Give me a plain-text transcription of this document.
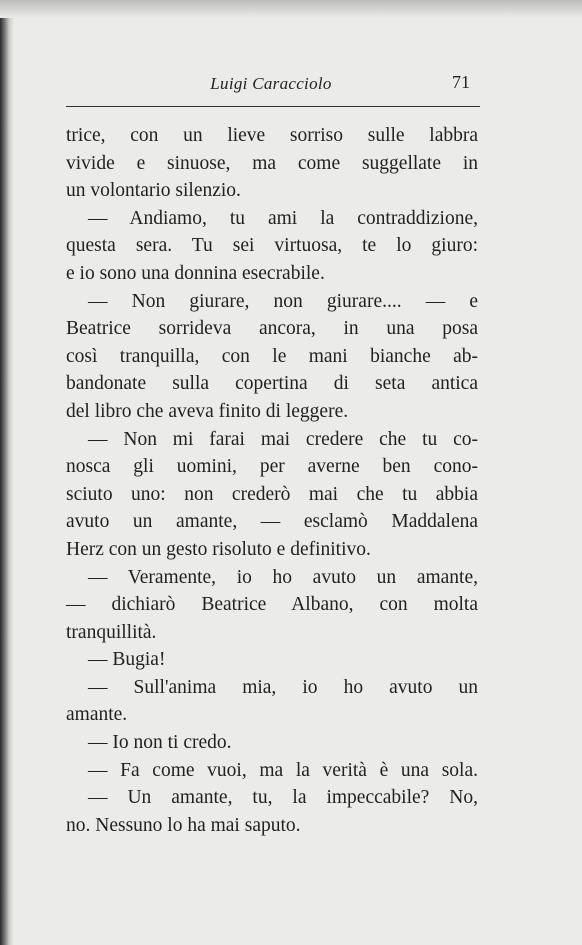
Luigi Caracciolo	71
trice, con un lieve sorriso sulle labbra
vivide e sinuose, ma come suggellate in
un volontario silenzio.
— Andiamo, tu ami la contraddizione,
questa sera. Tu sei virtuosa, te lo giuro:
e io sono una donnina esecrabile.
— Non giurare, non giurare.... — e
Beatrice sorrideva ancora, in una posa
così tranquilla, con le mani bianche ab-
bandonate sulla copertina di seta antica
del libro che aveva finito di leggere.
— Non mi farai mai credere che tu co-
nosca gli uomini, per averne ben cono-
sciuto uno: non crederò mai che tu abbia
avuto un amante, — esclamò Maddalena
Herz con un gesto risoluto e definitivo.
— Veramente, io ho avuto un amante,
— dichiarò Beatrice Albano, con molta
tranquillità.
— Bugia!
— Sull'anima mia, io ho avuto un
amante.
— Io non ti credo.
— Fa come vuoi, ma la verità è una sola.
— Un amante, tu, la impeccabile? No,
no. Nessuno lo ha mai saputo.
